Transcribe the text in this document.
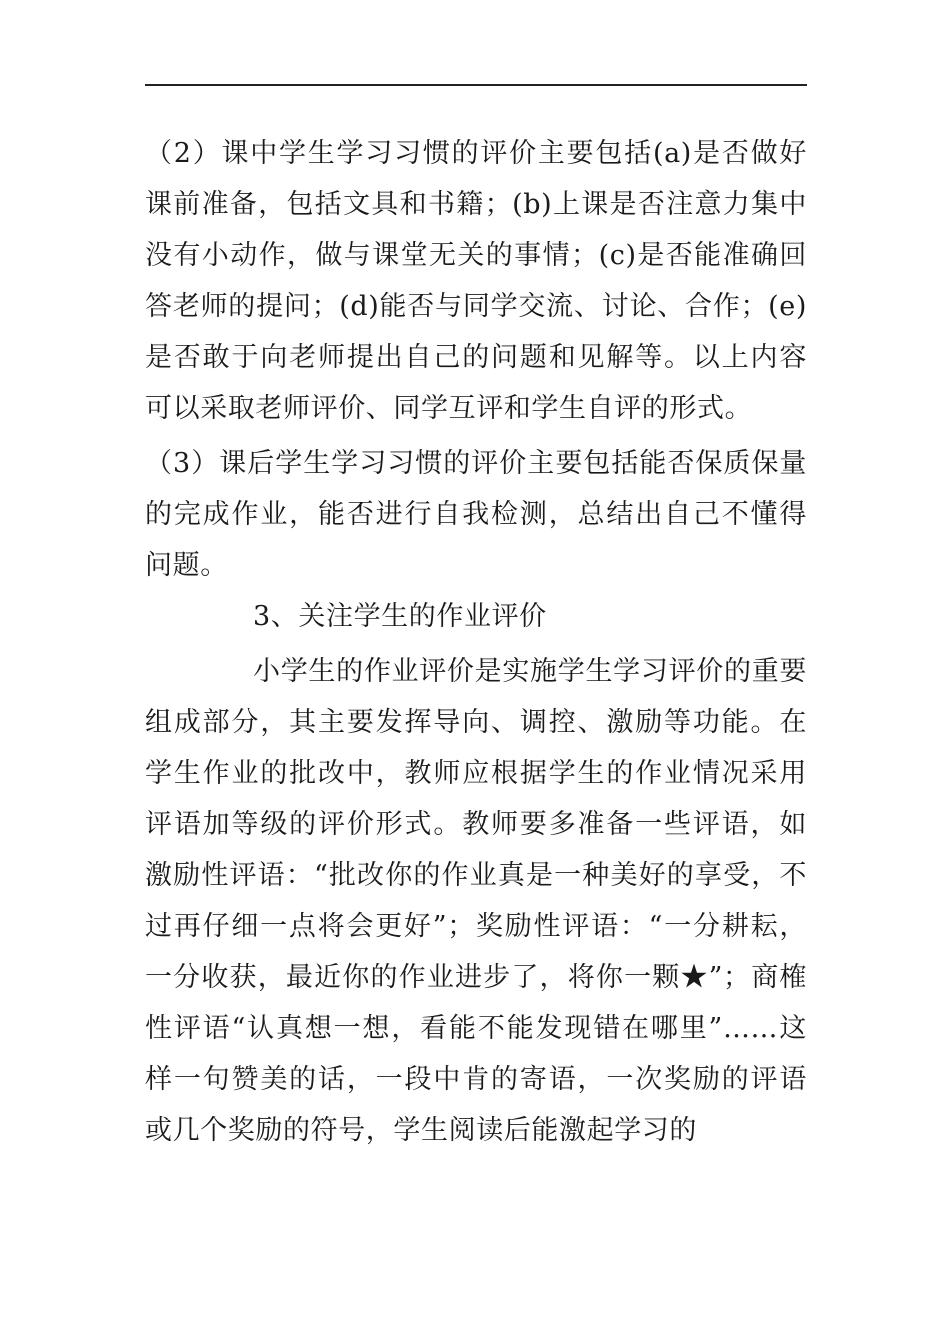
（2）课中学生学习习惯的评价主要包括(a)是否做好课前准备，包括文具和书籍；(b)上课是否注意力集中没有小动作，做与课堂无关的事情；(c)是否能准确回答老师的提问；(d)能否与同学交流、讨论、合作；(e)是否敢于向老师提出自己的问题和见解等。以上内容可以采取老师评价、同学互评和学生自评的形式。

（3）课后学生学习习惯的评价主要包括能否保质保量的完成作业，能否进行自我检测，总结出自己不懂得问题。

3、关注学生的作业评价

小学生的作业评价是实施学生学习评价的重要组成部分，其主要发挥导向、调控、激励等功能。在学生作业的批改中，教师应根据学生的作业情况采用评语加等级的评价形式。教师要多准备一些评语，如激励性评语：“批改你的作业真是一种美好的享受，不过再仔细一点将会更好”；奖励性评语：“一分耕耘，一分收获，最近你的作业进步了，将你一颗★”；商榷性评语“认真想一想，看能不能发现错在哪里”……这样一句赞美的话，一段中肯的寄语，一次奖励的评语或几个奖励的符号，学生阅读后能激起学习的
